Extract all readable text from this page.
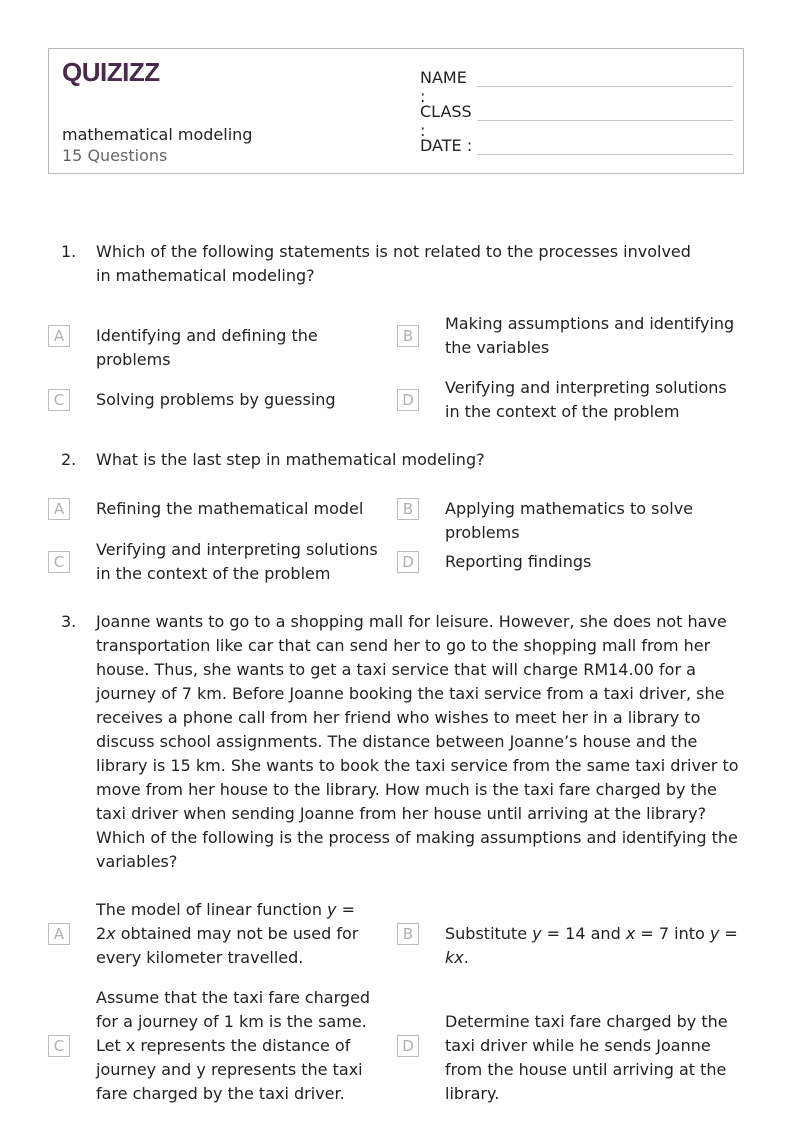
QUIZIZZ
mathematical modeling
15 Questions
NAME :
CLASS :
DATE :
1. Which of the following statements is not related to the processes involved in mathematical modeling?
A	Identifying and defining the problems
B
Making assumptions and identifying the variables
C	Solving problems by guessing	D
Verifying and interpreting solutions in the context of the problem
2. What is the last step in mathematical modeling?
A	Refining the mathematical model	B	Applying mathematics to solve problems
C
Verifying and interpreting solutions in the context of the problem
D	Reporting findings
3. Joanne wants to go to a shopping mall for leisure. However, she does not have transportation like car that can send her to go to the shopping mall from her house. Thus, she wants to get a taxi service that will charge RM14.00 for a journey of 7 km. Before Joanne booking the taxi service from a taxi driver, she receives a phone call from her friend who wishes to meet her in a library to discuss school assignments. The distance between Joanne’s house and the library is 15 km. She wants to book the taxi service from the same taxi driver to move from her house to the library. How much is the taxi fare charged by the taxi driver when sending Joanne from her house until arriving at the library?
Which of the following is the process of making assumptions and identifying the variables?
A
The model of linear function y = 2x obtained may not be used for every kilometer travelled.
B	Substitute y = 14 and x = 7 into y = kx.
C
Assume that the taxi fare charged for a journey of 1 km is the same. Let x represents the distance of journey and y represents the taxi fare charged by the taxi driver.
D
Determine taxi fare charged by the taxi driver while he sends Joanne from the house until arriving at the library.
